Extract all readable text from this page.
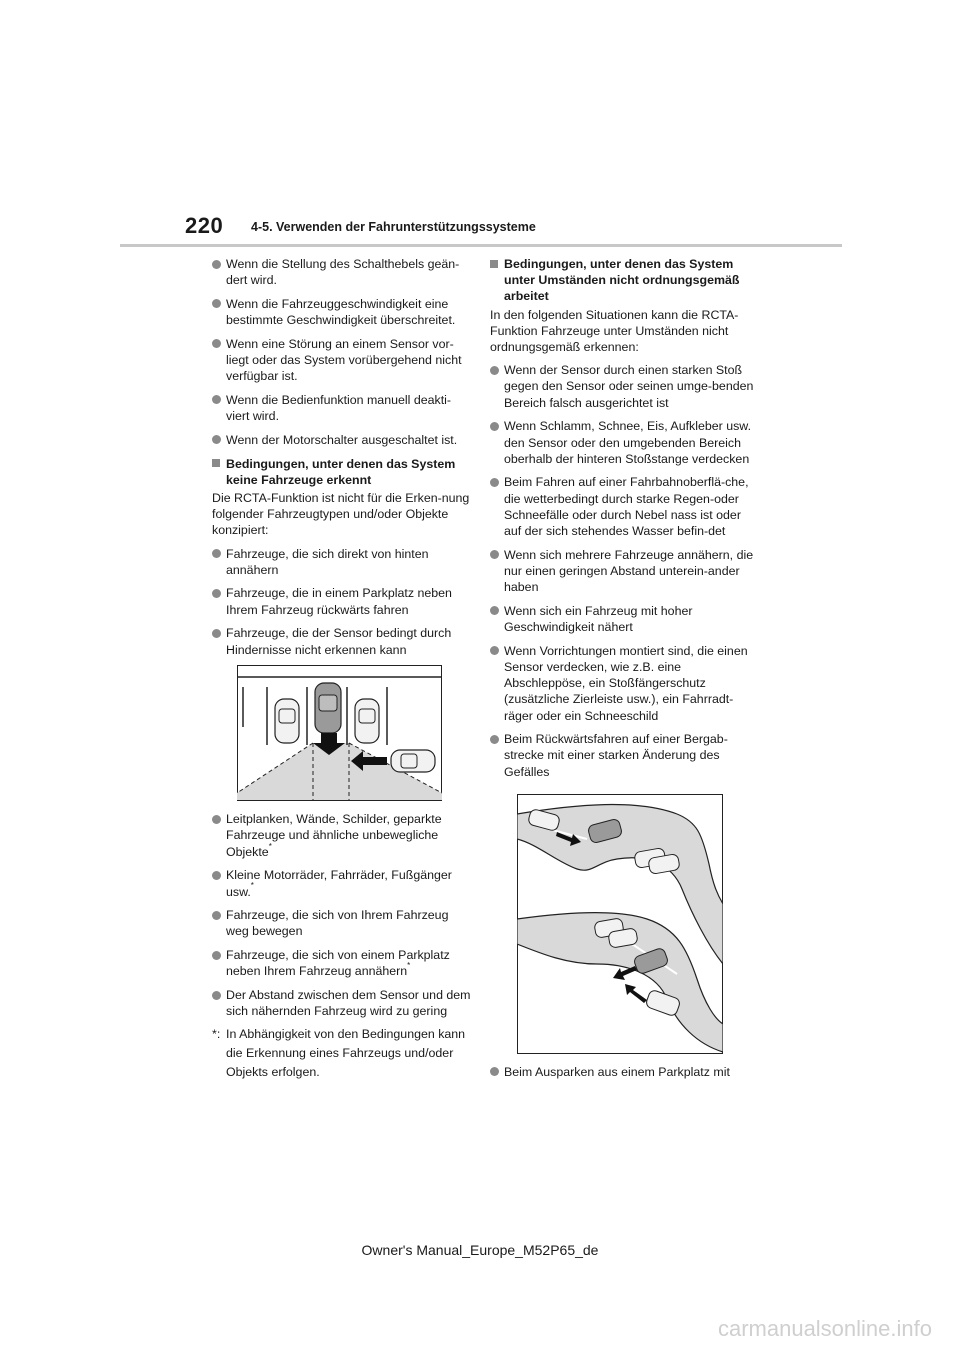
220 4-5. Verwenden der Fahrunterstützungssysteme
Wenn die Stellung des Schalthebels geän-dert wird.
Wenn die Fahrzeuggeschwindigkeit eine bestimmte Geschwindigkeit überschreitet.
Wenn eine Störung an einem Sensor vor-liegt oder das System vorübergehend nicht verfügbar ist.
Wenn die Bedienfunktion manuell deakti-viert wird.
Wenn der Motorschalter ausgeschaltet ist.
Bedingungen, unter denen das System keine Fahrzeuge erkennt
Die RCTA-Funktion ist nicht für die Erken-nung folgender Fahrzeugtypen und/oder Objekte konzipiert:
Fahrzeuge, die sich direkt von hinten annähern
Fahrzeuge, die in einem Parkplatz neben Ihrem Fahrzeug rückwärts fahren
Fahrzeuge, die der Sensor bedingt durch Hindernisse nicht erkennen kann
Leitplanken, Wände, Schilder, geparkte Fahrzeuge und ähnliche unbewegliche Objekte*
Kleine Motorräder, Fahrräder, Fußgänger usw.*
Fahrzeuge, die sich von Ihrem Fahrzeug weg bewegen
Fahrzeuge, die sich von einem Parkplatz neben Ihrem Fahrzeug annähern*
Der Abstand zwischen dem Sensor und dem sich nähernden Fahrzeug wird zu gering
*: In Abhängigkeit von den Bedingungen kann die Erkennung eines Fahrzeugs und/oder Objekts erfolgen.
Bedingungen, unter denen das System unter Umständen nicht ordnungsgemäß arbeitet
In den folgenden Situationen kann die RCTA-Funktion Fahrzeuge unter Umständen nicht ordnungsgemäß erkennen:
Wenn der Sensor durch einen starken Stoß gegen den Sensor oder seinen umge-benden Bereich falsch ausgerichtet ist
Wenn Schlamm, Schnee, Eis, Aufkleber usw. den Sensor oder den umgebenden Bereich oberhalb der hinteren Stoßstange verdecken
Beim Fahren auf einer Fahrbahnoberflä-che, die wetterbedingt durch starke Regen-oder Schneefälle oder durch Nebel nass ist oder auf der sich stehendes Wasser befin-det
Wenn sich mehrere Fahrzeuge annähern, die nur einen geringen Abstand unterein-ander haben
Wenn sich ein Fahrzeug mit hoher Geschwindigkeit nähert
Wenn Vorrichtungen montiert sind, die einen Sensor verdecken, wie z.B. eine Abschleppöse, ein Stoßfängerschutz (zusätzliche Zierleiste usw.), ein Fahrradt-räger oder ein Schneeschild
Beim Rückwärtsfahren auf einer Bergab-strecke mit einer starken Änderung des Gefälles
Beim Ausparken aus einem Parkplatz mit
Owner's Manual_Europe_M52P65_de
carmanualsonline.info
